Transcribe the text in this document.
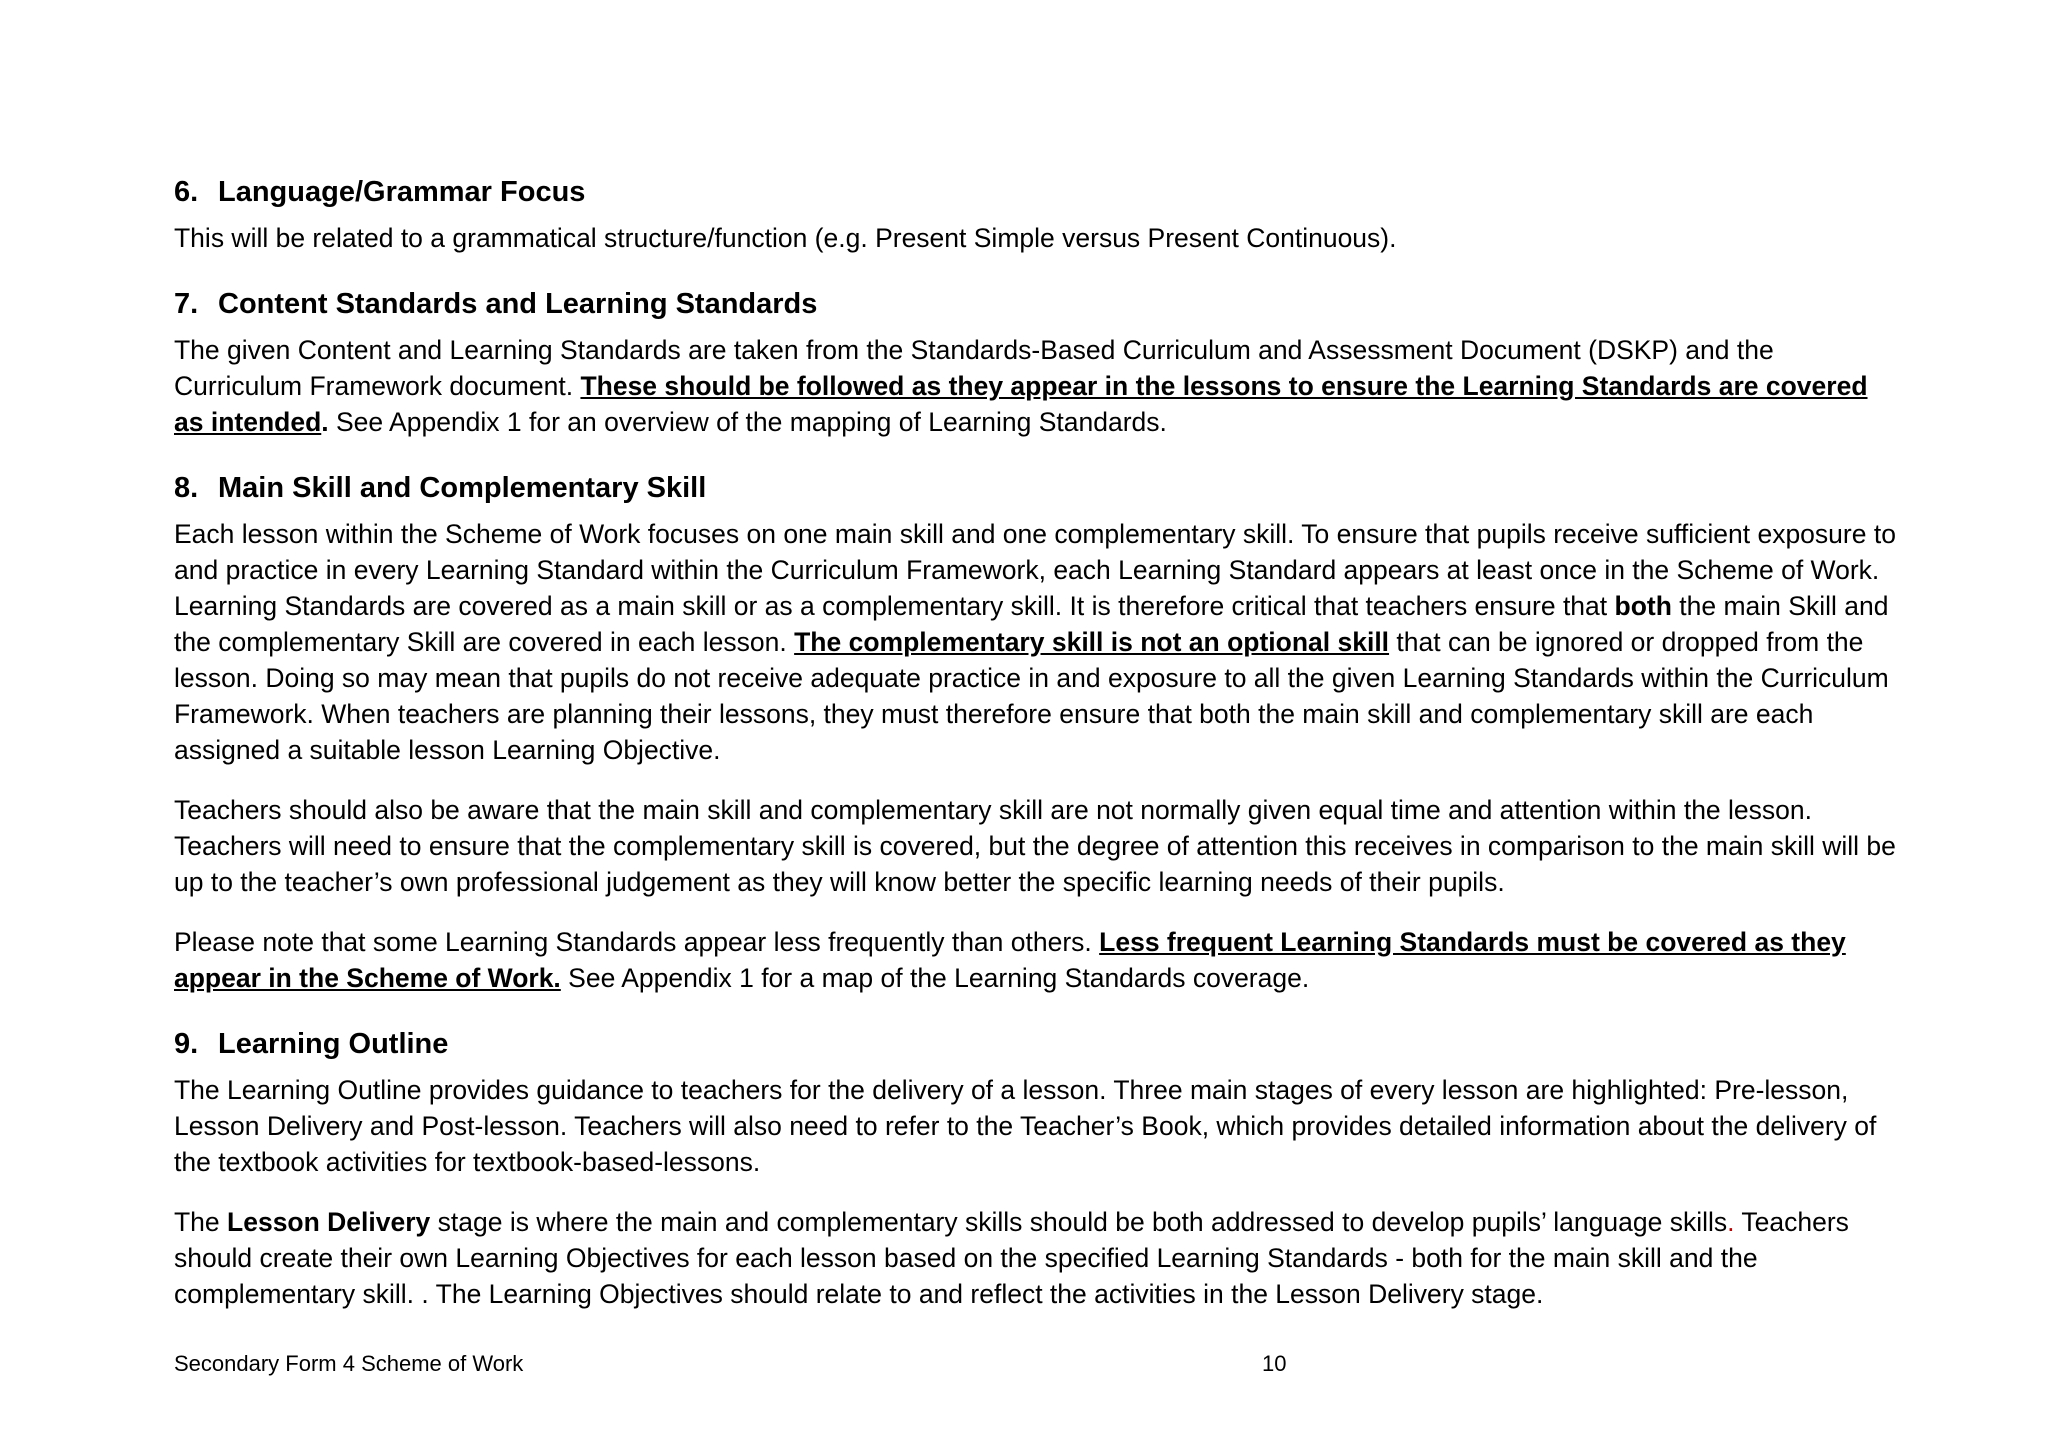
6. Language/Grammar Focus

This will be related to a grammatical structure/function (e.g. Present Simple versus Present Continuous).

7. Content Standards and Learning Standards

The given Content and Learning Standards are taken from the Standards-Based Curriculum and Assessment Document (DSKP) and the Curriculum Framework document. These should be followed as they appear in the lessons to ensure the Learning Standards are covered as intended. See Appendix 1 for an overview of the mapping of Learning Standards.

8. Main Skill and Complementary Skill

Each lesson within the Scheme of Work focuses on one main skill and one complementary skill. To ensure that pupils receive sufficient exposure to and practice in every Learning Standard within the Curriculum Framework, each Learning Standard appears at least once in the Scheme of Work. Learning Standards are covered as a main skill or as a complementary skill. It is therefore critical that teachers ensure that both the main Skill and the complementary Skill are covered in each lesson. The complementary skill is not an optional skill that can be ignored or dropped from the lesson. Doing so may mean that pupils do not receive adequate practice in and exposure to all the given Learning Standards within the Curriculum Framework. When teachers are planning their lessons, they must therefore ensure that both the main skill and complementary skill are each assigned a suitable lesson Learning Objective.

Teachers should also be aware that the main skill and complementary skill are not normally given equal time and attention within the lesson. Teachers will need to ensure that the complementary skill is covered, but the degree of attention this receives in comparison to the main skill will be up to the teacher’s own professional judgement as they will know better the specific learning needs of their pupils.

Please note that some Learning Standards appear less frequently than others. Less frequent Learning Standards must be covered as they appear in the Scheme of Work. See Appendix 1 for a map of the Learning Standards coverage.

9. Learning Outline

The Learning Outline provides guidance to teachers for the delivery of a lesson. Three main stages of every lesson are highlighted: Pre-lesson, Lesson Delivery and Post-lesson. Teachers will also need to refer to the Teacher’s Book, which provides detailed information about the delivery of the textbook activities for textbook-based-lessons.

The Lesson Delivery stage is where the main and complementary skills should be both addressed to develop pupils’ language skills. Teachers should create their own Learning Objectives for each lesson based on the specified Learning Standards - both for the main skill and the complementary skill. . The Learning Objectives should relate to and reflect the activities in the Lesson Delivery stage.

Secondary Form 4 Scheme of Work	10
